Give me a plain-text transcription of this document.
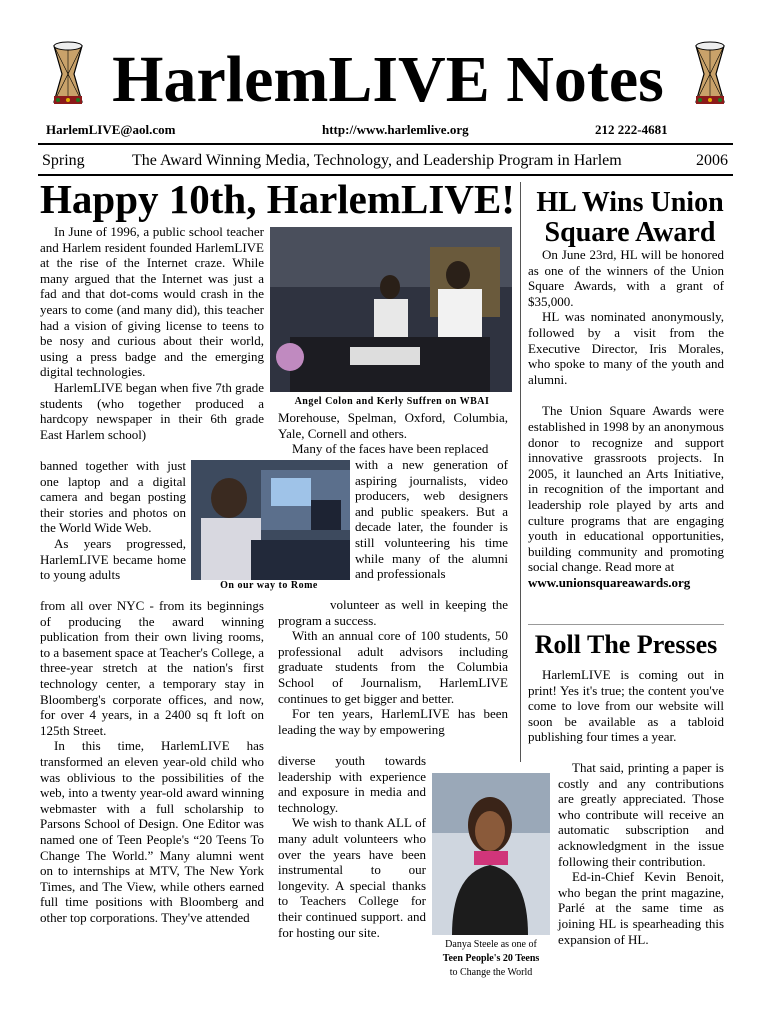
HarlemLIVE Notes
HarlemLIVE@aol.com	http://www.harlemlive.org	212 222-4681
Spring	The Award Winning Media, Technology, and Leadership Program in Harlem	2006
Happy 10th, HarlemLIVE!

In June of 1996, a public school teacher and Harlem resident founded HarlemLIVE at the rise of the Internet craze. While many argued that the Internet was just a fad and that dot-coms would crash in the years to come (and many did), this teacher had a vision of giving license to teens to be nosy and curious about their world, using a press badge and the emerging digital technologies.

HarlemLIVE began when five 7th grade students (who together produced a hardcopy newspaper in their 6th grade East Harlem school)

banned together with just one laptop and a digital camera and began posting their stories and photos on the World Wide Web.

As years progressed, HarlemLIVE became home to young adults

from all over NYC - from its beginnings of producing the award winning publication from their own living rooms, to a basement space at Teacher's College, a three-year stretch at the nation's first technology center, a temporary stay in Bloomberg's corporate offices, and now, for over 4 years, in a 2400 sq ft loft on 125th Street.

In this time, HarlemLIVE has transformed an eleven year-old child who was oblivious to the possibilities of the web, into a twenty year-old award winning webmaster with a full scholarship to Parsons School of Design. One Editor was named one of Teen People's “20 Teens To Change The World.” Many alumni went on to internships at MTV, The New York Times, and The View, while others earned full time positions with Bloomberg and other top corporations. They've attended

Angel Colon and Kerly Suffren on WBAI
On our way to Rome

Morehouse, Spelman, Oxford, Columbia, Yale, Cornell and others.

Many of the faces have been replaced

with a new generation of aspiring journalists, video producers, web designers and public speakers. But a decade later, the founder is still volunteering his time while many of the alumni and professionals

volunteer as well in keeping the program a success.

With an annual core of 100 students, 50 professional adult advisors including graduate students from the Columbia School of Journalism, HarlemLIVE continues to get bigger and better.

For ten years, HarlemLIVE has been leading the way by empowering

diverse youth towards leadership with experience and exposure in media and technology.

We wish to thank ALL of many adult volunteers who over the years have been instrumental to our longevity. A special thanks to Teachers College for their continued support. and for hosting our site.

Danya Steele as one of
Teen People's 20 Teens
to Change the World
HL Wins Union
Square Award

On June 23rd, HL will be honored as one of the winners of the Union Square Awards, with a grant of $35,000.

HL was nominated anonymously, followed by a visit from the Executive Director, Iris Morales, who spoke to many of the youth and alumni.

The Union Square Awards were established in 1998 by an anonymous donor to recognize and support innovative grassroots projects. In 2005, it launched an Arts Initiative, in recognition of the important and leadership role played by arts and culture programs that are engaging youth in educational opportunities, building community and promoting social change. Read more at

www.unionsquareawards.org

Roll The Presses

HarlemLIVE is coming out in print! Yes it's true; the content you've come to love from our website will soon be available as a tabloid publishing four times a year.

That said, printing a paper is costly and any contributions are greatly appreciated. Those who contribute will receive an automatic subscription and acknowledgment in the issue following their contribution.

Ed-in-Chief Kevin Benoit, who began the print magazine, Parlé at the same time as joining HL is spearheading this expansion of HL.
